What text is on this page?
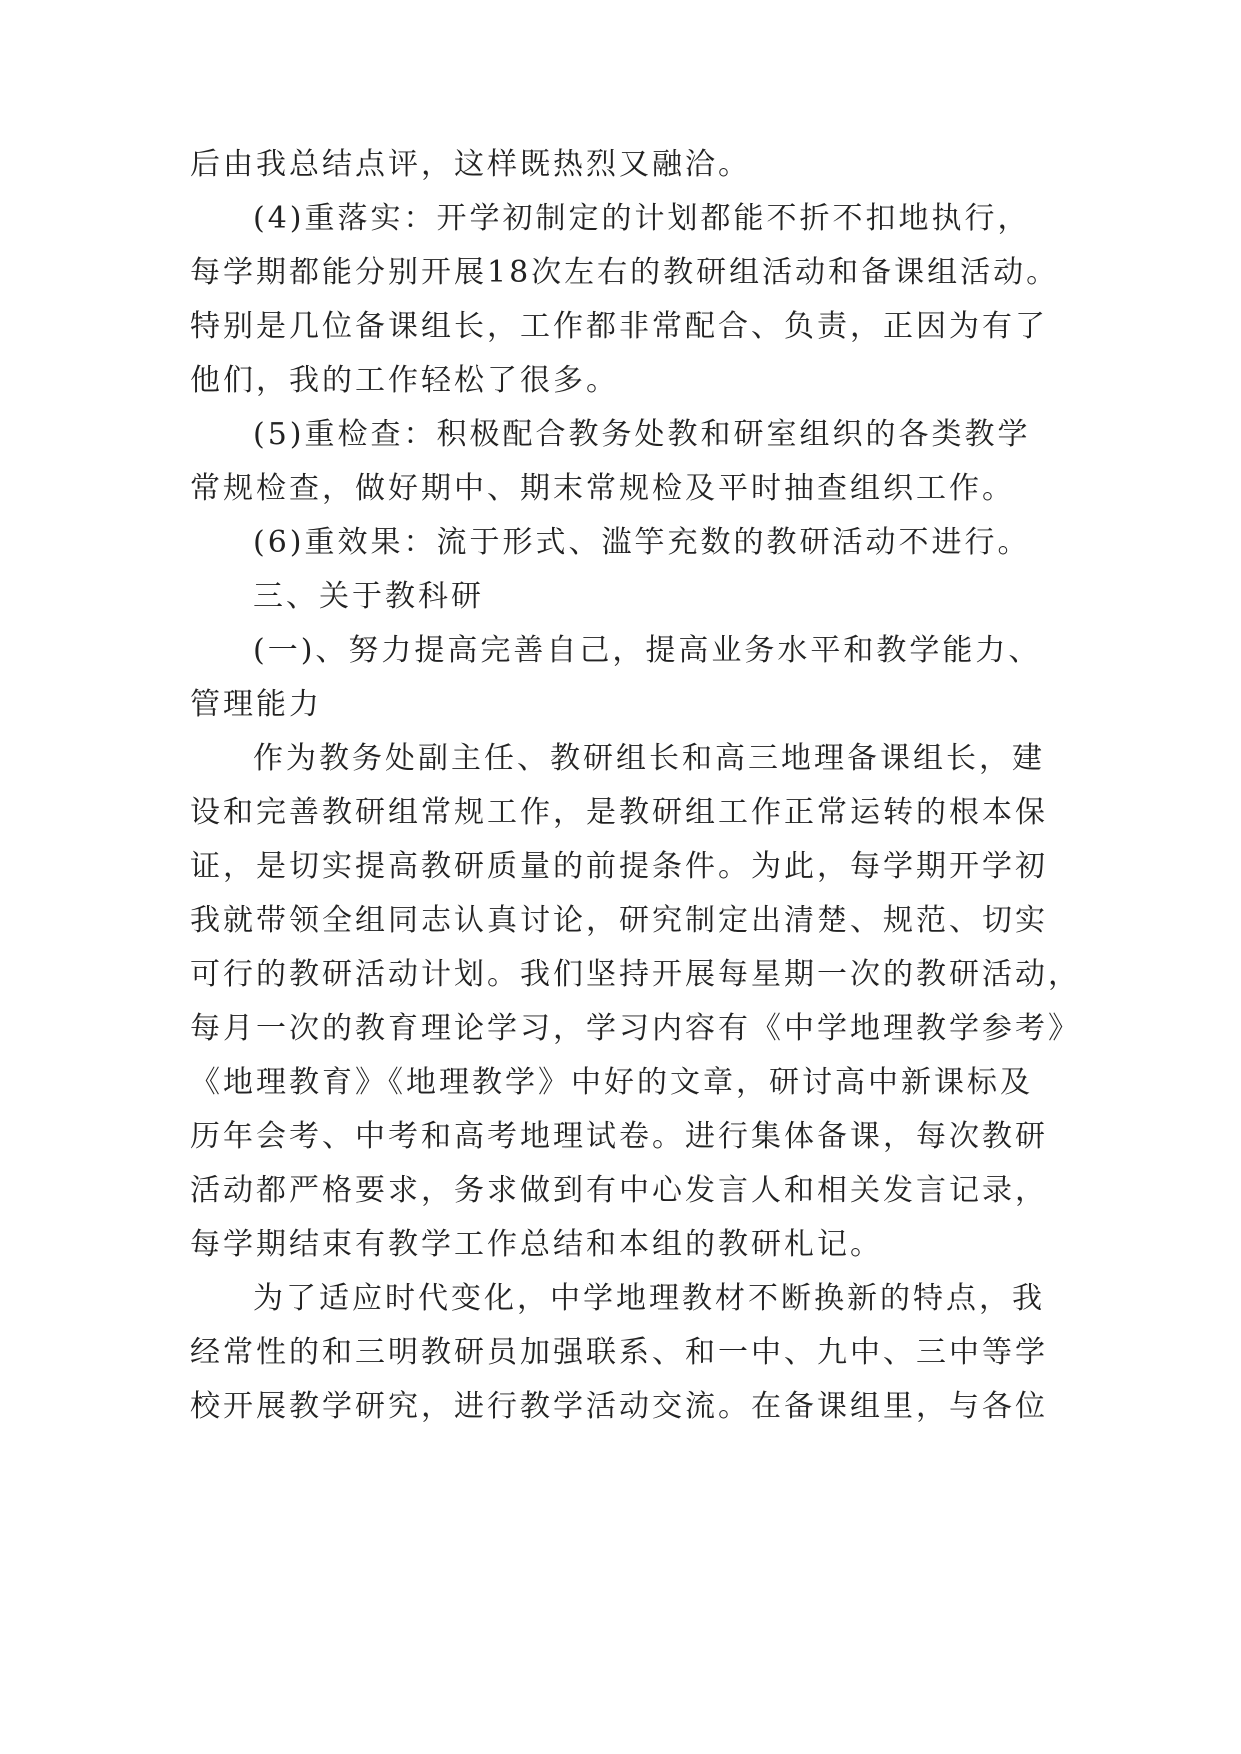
后由我总结点评，这样既热烈又融洽。
(4)重落实：开学初制定的计划都能不折不扣地执行，
每学期都能分别开展18次左右的教研组活动和备课组活动。
特别是几位备课组长，工作都非常配合、负责，正因为有了
他们，我的工作轻松了很多。
(5)重检查：积极配合教务处教和研室组织的各类教学
常规检查，做好期中、期末常规检及平时抽查组织工作。
(6)重效果：流于形式、滥竽充数的教研活动不进行。
三、关于教科研
(一)、努力提高完善自己，提高业务水平和教学能力、
管理能力
作为教务处副主任、教研组长和高三地理备课组长，建
设和完善教研组常规工作，是教研组工作正常运转的根本保
证，是切实提高教研质量的前提条件。为此，每学期开学初
我就带领全组同志认真讨论，研究制定出清楚、规范、切实
可行的教研活动计划。我们坚持开展每星期一次的教研活动，
每月一次的教育理论学习，学习内容有《中学地理教学参考》
《地理教育》《地理教学》中好的文章，研讨高中新课标及
历年会考、中考和高考地理试卷。进行集体备课，每次教研
活动都严格要求，务求做到有中心发言人和相关发言记录，
每学期结束有教学工作总结和本组的教研札记。
为了适应时代变化，中学地理教材不断换新的特点，我
经常性的和三明教研员加强联系、和一中、九中、三中等学
校开展教学研究，进行教学活动交流。在备课组里，与各位
